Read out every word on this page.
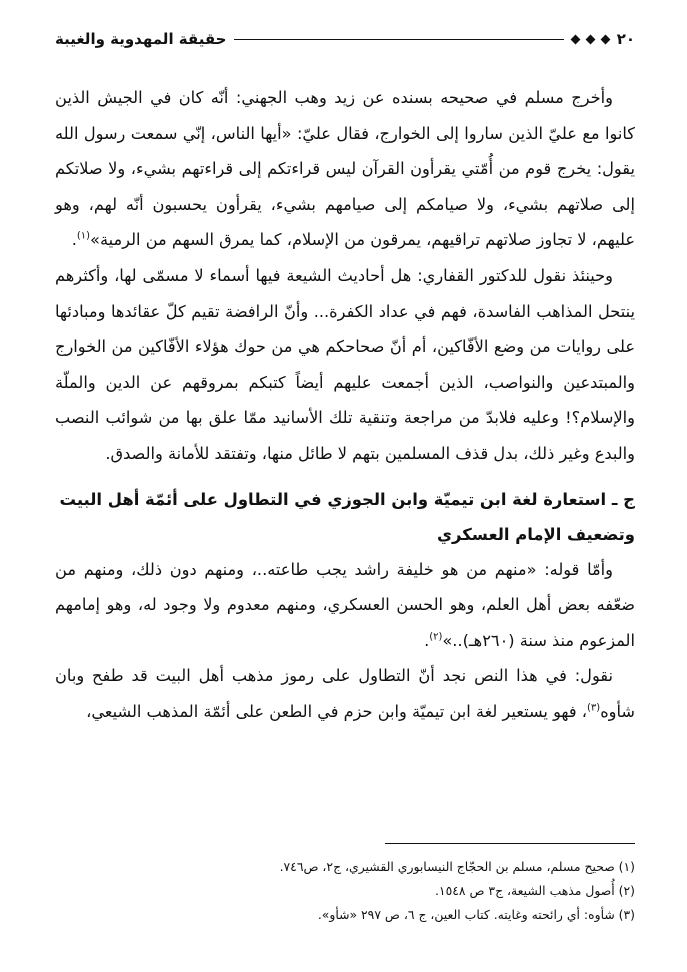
حقيقة المهدوية والغيبة	٢٠

وأخرج مسلم في صحيحه بسنده عن زيد وهب الجهني: أنّه كان في الجيش الذين كانوا مع عليّ الذين ساروا إلى الخوارج، فقال عليّ: «أيها الناس، إنّي سمعت رسول الله يقول: يخرج قوم من أُمّتي يقرأون القرآن ليس قراءتكم إلى قراءتهم بشيء، ولا صلاتكم إلى صلاتهم بشيء، ولا صيامكم إلى صيامهم بشيء، يقرأون يحسبون أنّه لهم، وهو عليهم، لا تجاوز صلاتهم تراقيهم، يمرقون من الإسلام، كما يمرق السهم من الرمية»$^{(١)}$.

وحينئذ نقول للدكتور القفاري: هل أحاديث الشيعة فيها أسماء لا مسمّى لها، وأكثرهم ينتحل المذاهب الفاسدة، فهم في عداد الكفرة... وأنّ الرافضة تقيم كلّ عقائدها ومبادئها على روايات من وضع الأفّاكين، أم أنّ صحاحكم هي من حوك هؤلاء الأفّاكين من الخوارج والمبتدعين والنواصب، الذين أجمعت عليهم أيضاً كتبكم بمروقهم عن الدين والملّة والإسلام؟! وعليه فلابدّ من مراجعة وتنقية تلك الأسانيد ممّا علق بها من شوائب النصب والبدع وغير ذلك، بدل قذف المسلمين بتهم لا طائل منها، وتفتقد للأمانة والصدق.

ج ـ استعارة لغة ابن تيميّة وابن الجوزي في التطاول على أئمّة أهل البيت

وتضعيف الإمام العسكري

وأمّا قوله: «منهم من هو خليفة راشد يجب طاعته..، ومنهم دون ذلك، ومنهم من ضعّفه بعض أهل العلم، وهو الحسن العسكري، ومنهم معدوم ولا وجود له، وهو إمامهم المزعوم منذ سنة (٢٦٠هـ)..»$^{(٢)}$.

نقول: في هذا النص نجد أنّ التطاول على رموز مذهب أهل البيت قد طفح وبان شأوه$^{(٣)}$، فهو يستعير لغة ابن تيميّة وابن حزم في الطعن على أئمّة المذهب الشيعي،

(١) صحيح مسلم، مسلم بن الحجّاج النيسابوري القشيري، ج٢، ص٧٤٦.

(٢) أُصول مذهب الشيعة، ج٣ ص ١٥٤٨.

(٣) شأوه: أي رائحته وغايته. كتاب العين، ج ٦، ص ٢٩٧ «شأو».
